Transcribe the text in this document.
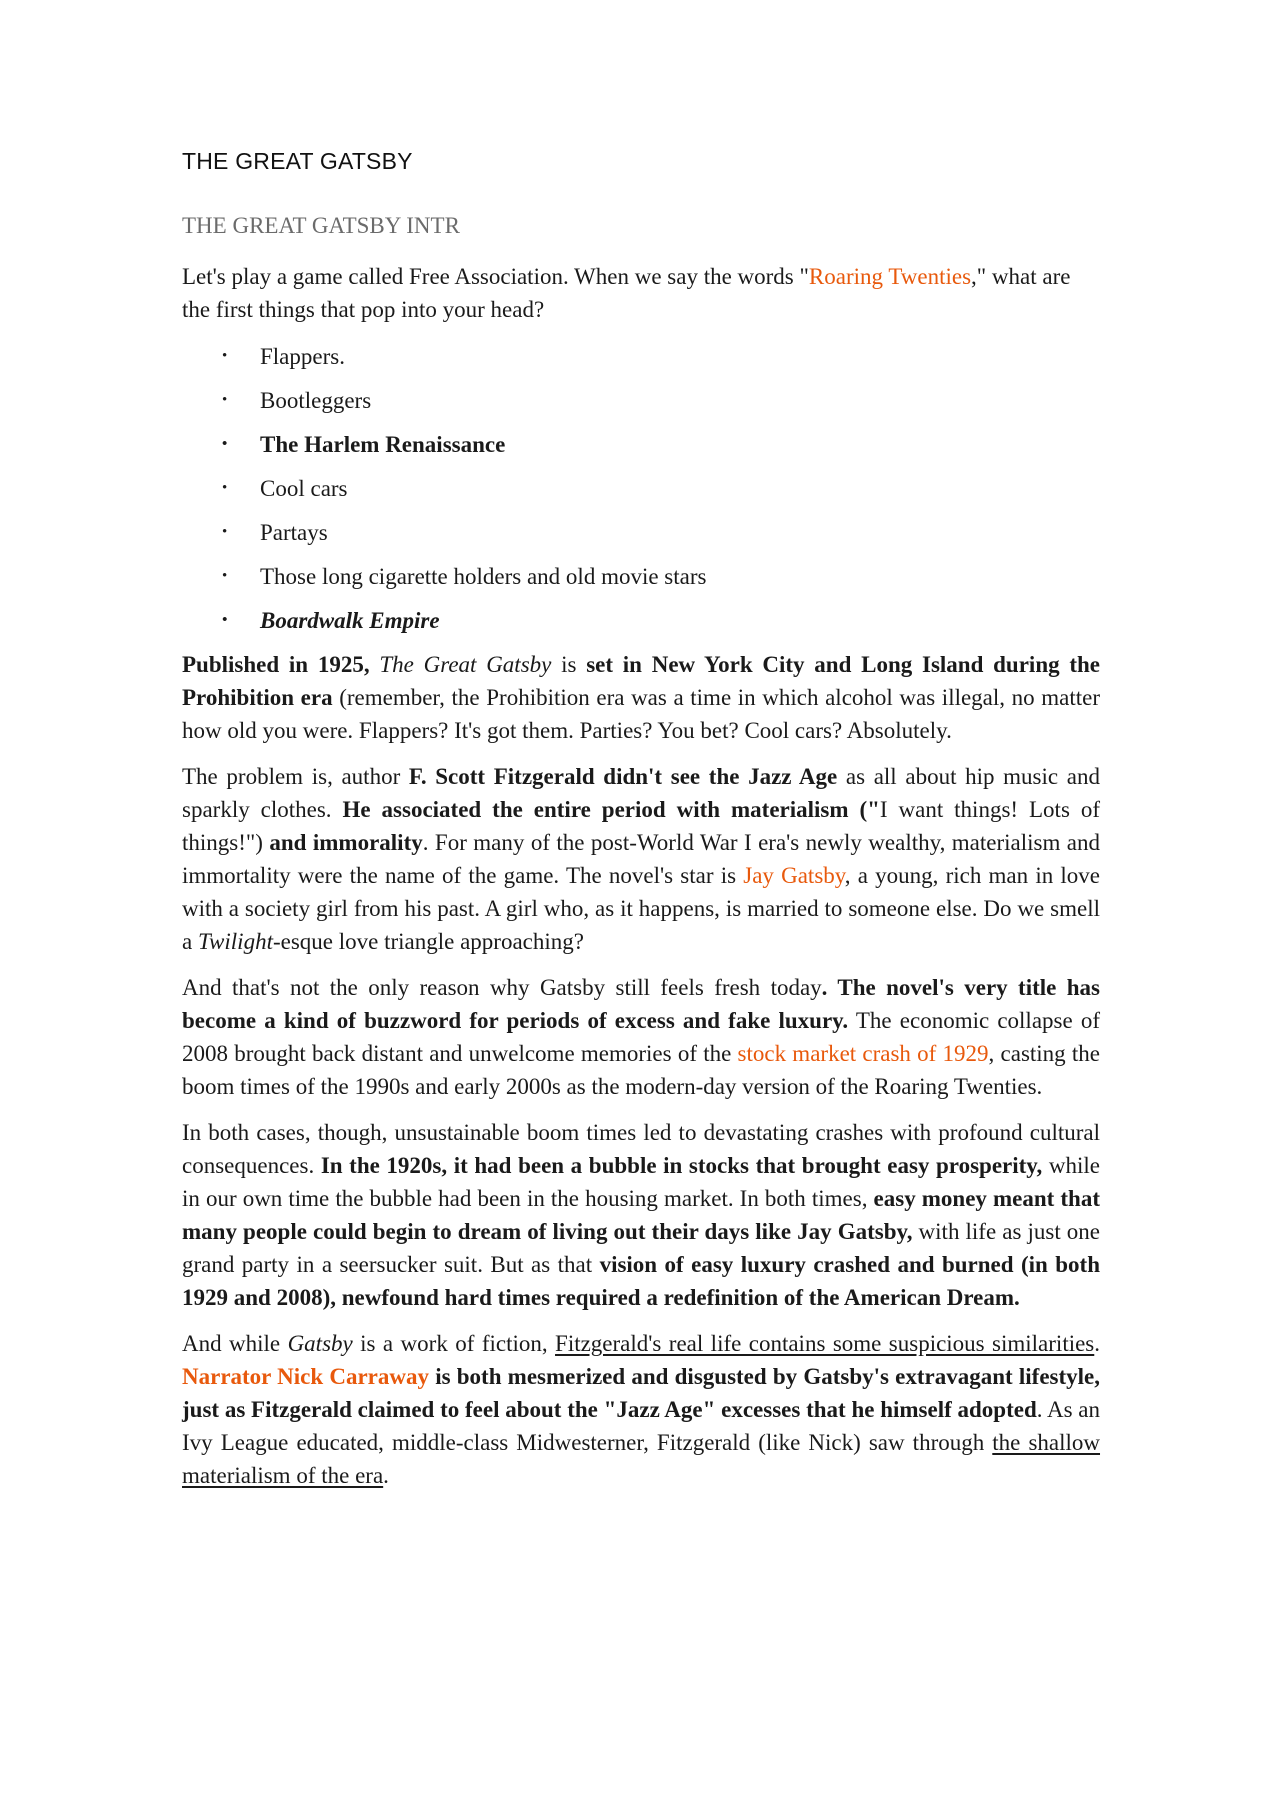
THE GREAT GATSBY
THE GREAT GATSBY INTR

Let's play a game called Free Association. When we say the words "Roaring Twenties," what are the first things that pop into your head?

• Flappers.
• Bootleggers
• The Harlem Renaissance
• Cool cars
• Partays
• Those long cigarette holders and old movie stars
• Boardwalk Empire

Published in 1925, The Great Gatsby is set in New York City and Long Island during the Prohibition era (remember, the Prohibition era was a time in which alcohol was illegal, no matter how old you were. Flappers? It's got them. Parties? You bet? Cool cars? Absolutely.

The problem is, author F. Scott Fitzgerald didn't see the Jazz Age as all about hip music and sparkly clothes. He associated the entire period with materialism ("I want things! Lots of things!") and immorality. For many of the post-World War I era's newly wealthy, materialism and immortality were the name of the game. The novel's star is Jay Gatsby, a young, rich man in love with a society girl from his past. A girl who, as it happens, is married to someone else. Do we smell a Twilight-esque love triangle approaching?

And that's not the only reason why Gatsby still feels fresh today. The novel's very title has become a kind of buzzword for periods of excess and fake luxury. The economic collapse of 2008 brought back distant and unwelcome memories of the stock market crash of 1929, casting the boom times of the 1990s and early 2000s as the modern-day version of the Roaring Twenties.

In both cases, though, unsustainable boom times led to devastating crashes with profound cultural consequences. In the 1920s, it had been a bubble in stocks that brought easy prosperity, while in our own time the bubble had been in the housing market. In both times, easy money meant that many people could begin to dream of living out their days like Jay Gatsby, with life as just one grand party in a seersucker suit. But as that vision of easy luxury crashed and burned (in both 1929 and 2008), newfound hard times required a redefinition of the American Dream.

And while Gatsby is a work of fiction, Fitzgerald's real life contains some suspicious similarities. Narrator Nick Carraway is both mesmerized and disgusted by Gatsby's extravagant lifestyle, just as Fitzgerald claimed to feel about the "Jazz Age" excesses that he himself adopted. As an Ivy League educated, middle-class Midwesterner, Fitzgerald (like Nick) saw through the shallow materialism of the era.
